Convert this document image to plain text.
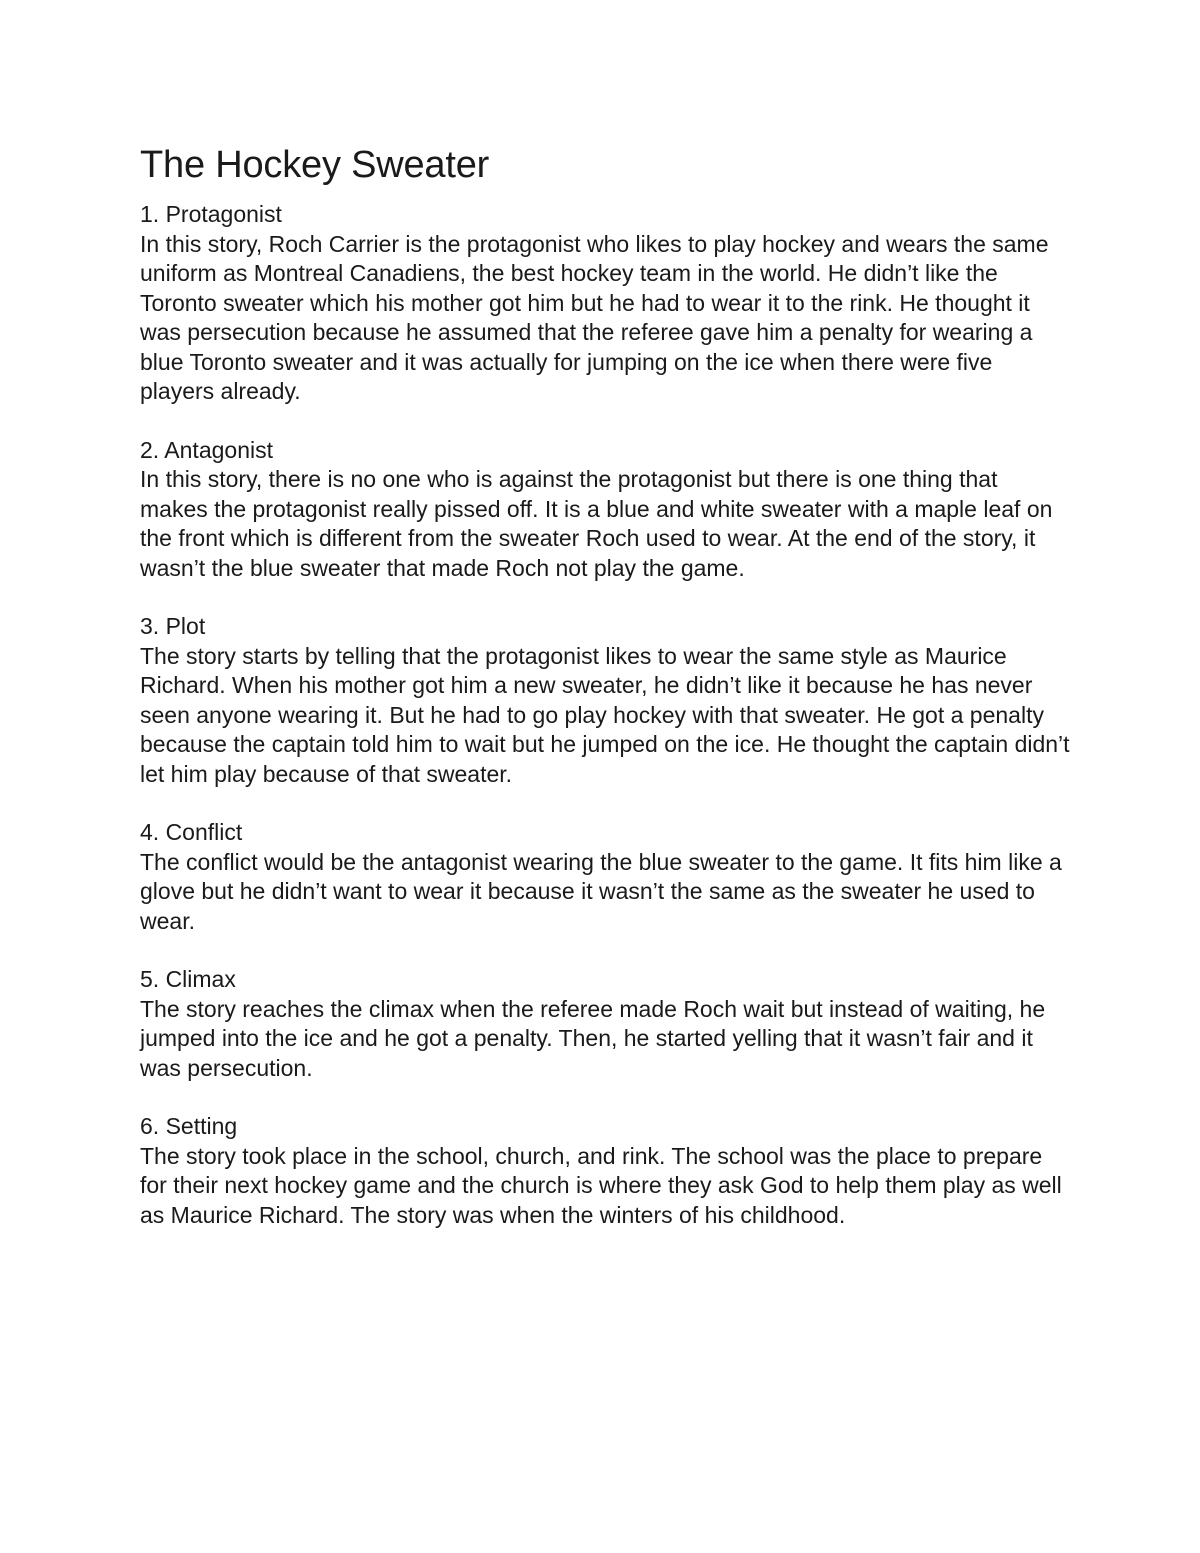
The Hockey Sweater

1. Protagonist

In this story, Roch Carrier is the protagonist who likes to play hockey and wears the same uniform as Montreal Canadiens, the best hockey team in the world. He didn’t like the Toronto sweater which his mother got him but he had to wear it to the rink. He thought it was persecution because he assumed that the referee gave him a penalty for wearing a blue Toronto sweater and it was actually for jumping on the ice when there were five players already.

2. Antagonist

In this story, there is no one who is against the protagonist but there is one thing that makes the protagonist really pissed off. It is a blue and white sweater with a maple leaf on the front which is different from the sweater Roch used to wear. At the end of the story, it wasn’t the blue sweater that made Roch not play the game.

3. Plot

The story starts by telling that the protagonist likes to wear the same style as Maurice Richard. When his mother got him a new sweater, he didn’t like it because he has never seen anyone wearing it. But he had to go play hockey with that sweater. He got a penalty because the captain told him to wait but he jumped on the ice. He thought the captain didn’t let him play because of that sweater.

4. Conflict

The conflict would be the antagonist wearing the blue sweater to the game. It fits him like a glove but he didn’t want to wear it because it wasn’t the same as the sweater he used to wear.

5. Climax

The story reaches the climax when the referee made Roch wait but instead of waiting, he jumped into the ice and he got a penalty. Then, he started yelling that it wasn’t fair and it was persecution.

6. Setting

The story took place in the school, church, and rink. The school was the place to prepare for their next hockey game and the church is where they ask God to help them play as well as Maurice Richard. The story was when the winters of his childhood.
